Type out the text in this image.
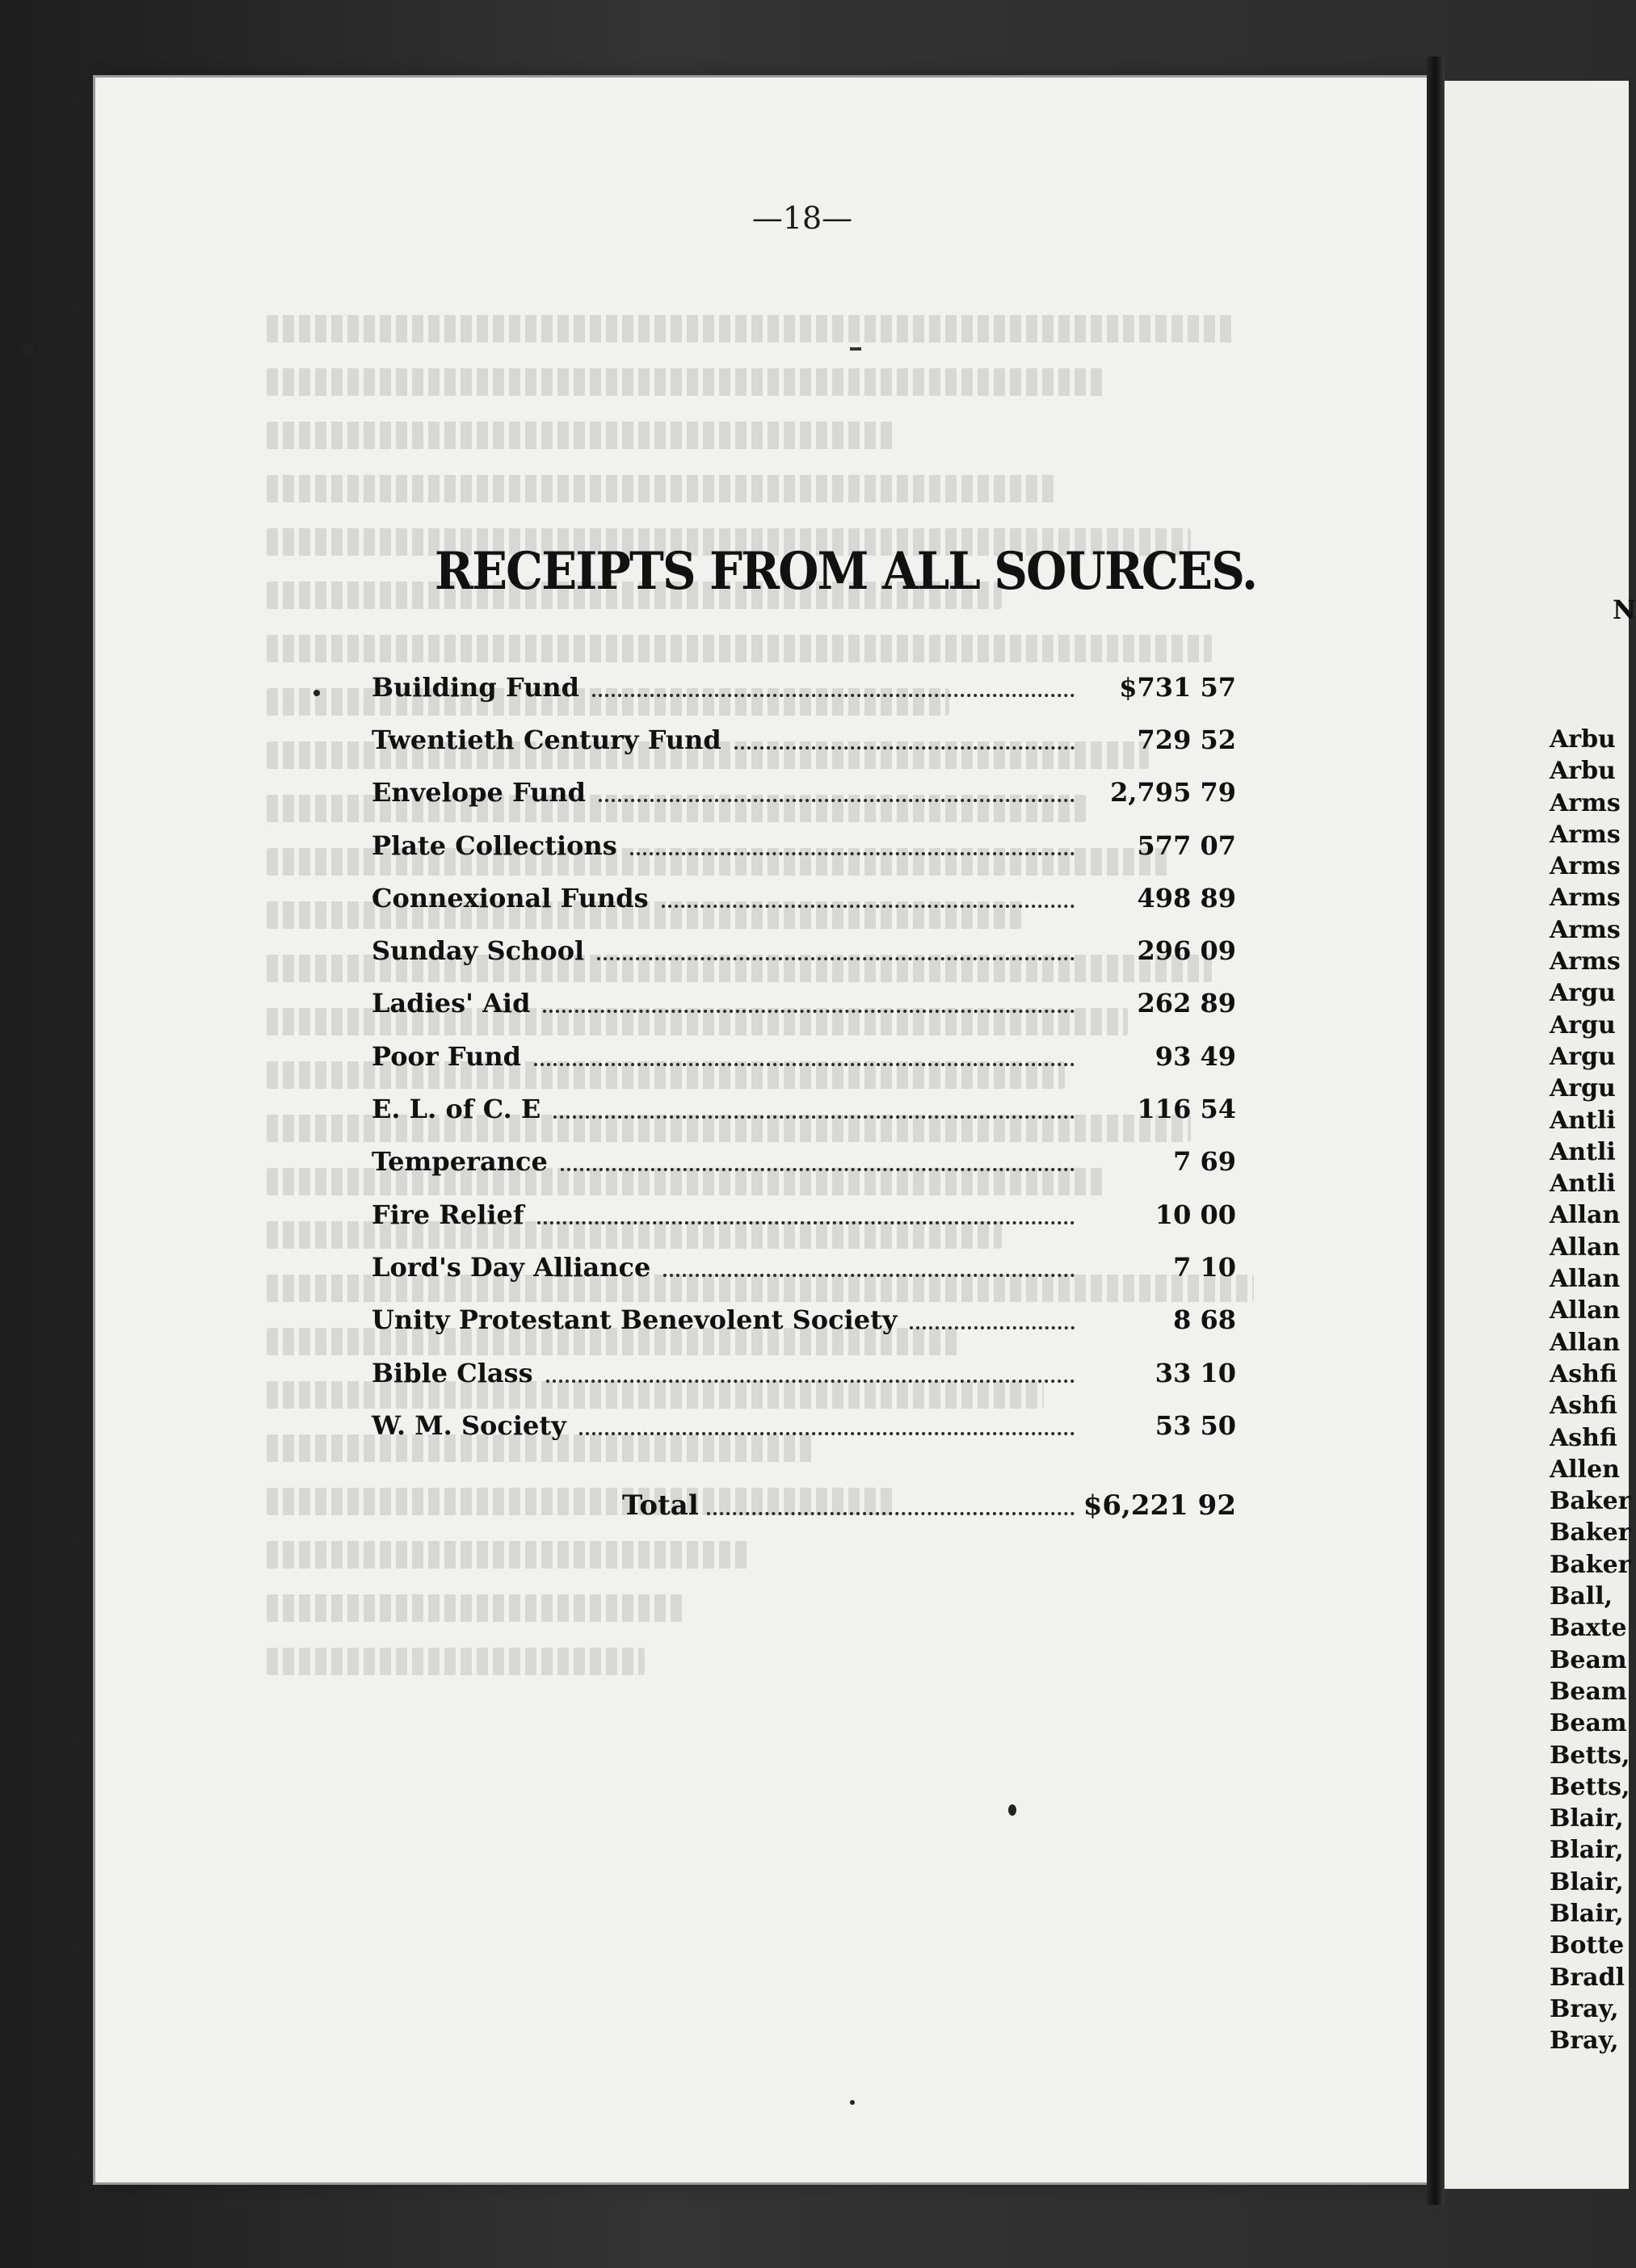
—18—
RECEIPTS FROM ALL SOURCES.
Building Fund	$731 57
Twentieth Century Fund	729 52
Envelope Fund	2,795 79
Plate Collections	577 07
Connexional Funds	498 89
Sunday School	296 09
Ladies' Aid	262 89
Poor Fund	93 49
E. L. of C. E	116 54
Temperance	7 69
Fire Relief	10 00
Lord's Day Alliance	7 10
Unity Protestant Benevolent Society	8 68
Bible Class	33 10
W. M. Society	53 50
Total	$6,221 92
N
Arbu
Arbu
Arms
Arms
Arms
Arms
Arms
Arms
Argu
Argu
Argu
Argu
Antli
Antli
Antli
Allan
Allan
Allan
Allan
Allan
Ashfi
Ashfi
Ashfi
Allen
Baker
Baker
Baker
Ball,
Baxte
Beam
Beam
Beam
Betts,
Betts,
Blair,
Blair,
Blair,
Blair,
Botte
Bradl
Bray,
Bray,
